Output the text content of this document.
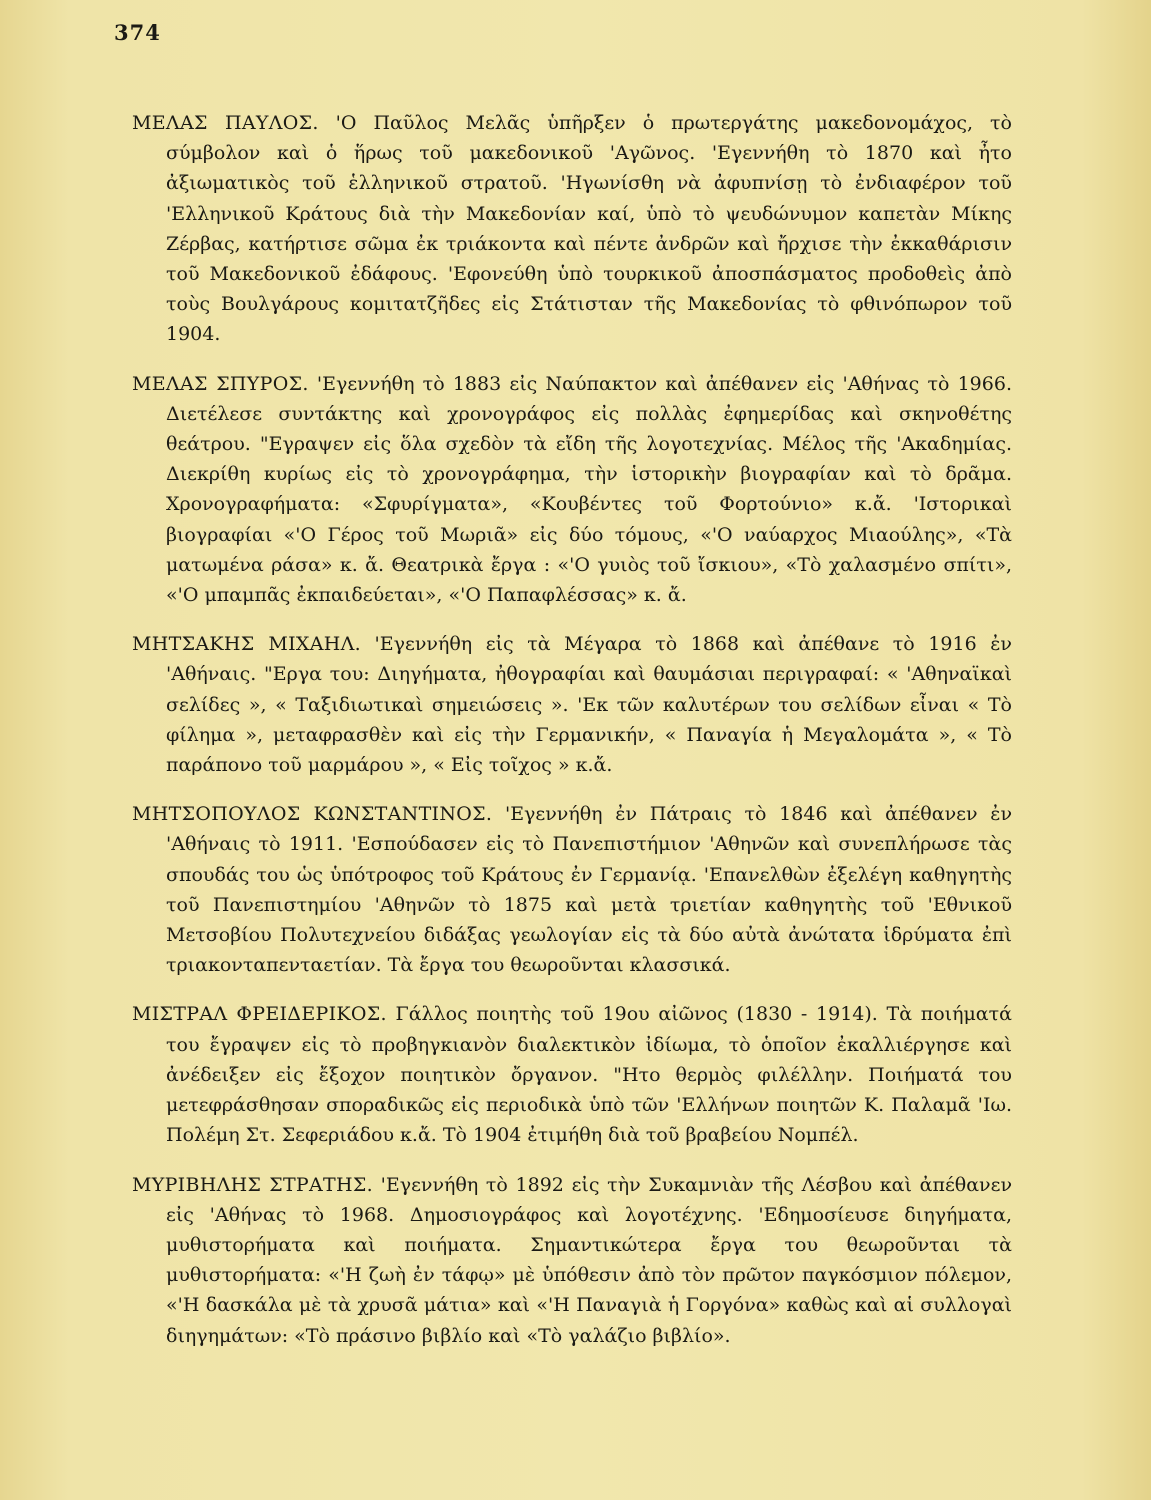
374

ΜΕΛΑΣ ΠΑΥΛΟΣ. 'Ο Παῦλος Μελᾶς ὑπῆρξεν ὁ πρωτεργάτης μακεδονομάχος, τὸ σύμβολον καὶ ὁ ἥρως τοῦ μακεδονικοῦ 'Αγῶνος. 'Εγεννήθη τὸ 1870 καὶ ἦτο ἀξιωματικὸς τοῦ ἑλληνικοῦ στρατοῦ. 'Ηγωνίσθη νὰ ἀφυπνίσῃ τὸ ἐνδιαφέρον τοῦ 'Ελληνικοῦ Κράτους διὰ τὴν Μακεδονίαν καί, ὑπὸ τὸ ψευδώνυμον καπετὰν Μίκης Ζέρβας, κατήρτισε σῶμα ἐκ τριάκοντα καὶ πέντε ἀνδρῶν καὶ ἤρχισε τὴν ἐκκαθάρισιν τοῦ Μακεδονικοῦ ἐδάφους. 'Εφονεύθη ὑπὸ τουρκικοῦ ἀποσπάσματος προδοθεὶς ἀπὸ τοὺς Βουλγάρους κομιτατζῆδες εἰς Στάτισταν τῆς Μακεδονίας τὸ φθινόπωρον τοῦ 1904.

ΜΕΛΑΣ ΣΠΥΡΟΣ. 'Εγεννήθη τὸ 1883 εἰς Ναύπακτον καὶ ἀπέθανεν εἰς 'Αθήνας τὸ 1966. Διετέλεσε συντάκτης καὶ χρονογράφος εἰς πολλὰς ἐφημερίδας καὶ σκηνοθέτης θεάτρου. "Εγραψεν εἰς ὅλα σχεδὸν τὰ εἴδη τῆς λογοτεχνίας. Μέλος τῆς 'Ακαδημίας. Διεκρίθη κυρίως εἰς τὸ χρονογράφημα, τὴν ἱστορικὴν βιογραφίαν καὶ τὸ δρᾶμα. Χρονογραφήματα: «Σφυρίγματα», «Κουβέντες τοῦ Φορτούνιο» κ.ἄ. 'Ιστορικαὶ βιογραφίαι «'Ο Γέρος τοῦ Μωριᾶ» εἰς δύο τόμους, «'Ο ναύαρχος Μιαούλης», «Τὰ ματωμένα ράσα» κ. ἄ. Θεατρικὰ ἔργα : «'Ο γυιὸς τοῦ ἴσκιου», «Τὸ χαλασμένο σπίτι», «'Ο μπαμπᾶς ἐκπαιδεύεται», «'Ο Παπαφλέσσας» κ. ἄ.

ΜΗΤΣΑΚΗΣ ΜΙΧΑΗΛ. 'Εγεννήθη εἰς τὰ Μέγαρα τὸ 1868 καὶ ἀπέθανε τὸ 1916 ἐν 'Αθήναις. "Εργα του: Διηγήματα, ἠθογραφίαι καὶ θαυμάσιαι περιγραφαί: « 'Αθηναϊκαὶ σελίδες », « Ταξιδιωτικαὶ σημειώσεις ». 'Εκ τῶν καλυτέρων του σελίδων εἶναι « Τὸ φίλημα », μεταφρασθὲν καὶ εἰς τὴν Γερμανικήν, « Παναγία ἡ Μεγαλομάτα », « Τὸ παράπονο τοῦ μαρμάρου », « Εἰς τοῖχος » κ.ἄ.

ΜΗΤΣΟΠΟΥΛΟΣ ΚΩΝΣΤΑΝΤΙΝΟΣ. 'Εγεννήθη ἐν Πάτραις τὸ 1846 καὶ ἀπέθανεν ἐν 'Αθήναις τὸ 1911. 'Εσπούδασεν εἰς τὸ Πανεπιστήμιον 'Αθηνῶν καὶ συνεπλήρωσε τὰς σπουδάς του ὡς ὑπότροφος τοῦ Κράτους ἐν Γερμανίᾳ. 'Επανελθὼν ἐξελέγη καθηγητὴς τοῦ Πανεπιστημίου 'Αθηνῶν τὸ 1875 καὶ μετὰ τριετίαν καθηγητὴς τοῦ 'Εθνικοῦ Μετσοβίου Πολυτεχνείου διδάξας γεωλογίαν εἰς τὰ δύο αὐτὰ ἀνώτατα ἱδρύματα ἐπὶ τριακονταπενταετίαν. Τὰ ἔργα του θεωροῦνται κλασσικά.

ΜΙΣΤΡΑΛ ΦΡΕΙΔΕΡΙΚΟΣ. Γάλλος ποιητὴς τοῦ 19ου αἰῶνος (1830 - 1914). Τὰ ποιήματά του ἔγραψεν εἰς τὸ προβηγκιανὸν διαλεκτικὸν ἰδίωμα, τὸ ὁποῖον ἐκαλλιέργησε καὶ ἀνέδειξεν εἰς ἔξοχον ποιητικὸν ὄργανον. "Ητο θερμὸς φιλέλλην. Ποιήματά του μετεφράσθησαν σποραδικῶς εἰς περιοδικὰ ὑπὸ τῶν 'Ελλήνων ποιητῶν Κ. Παλαμᾶ 'Ιω. Πολέμη Στ. Σεφεριάδου κ.ἄ. Τὸ 1904 ἐτιμήθη διὰ τοῦ βραβείου Νομπέλ.

ΜΥΡΙΒΗΛΗΣ ΣΤΡΑΤΗΣ. 'Εγεννήθη τὸ 1892 εἰς τὴν Συκαμνιὰν τῆς Λέσβου καὶ ἀπέθανεν εἰς 'Αθήνας τὸ 1968. Δημοσιογράφος καὶ λογοτέχνης. 'Εδημοσίευσε διηγήματα, μυθιστορήματα καὶ ποιήματα. Σημαντικώτερα ἔργα του θεωροῦνται τὰ μυθιστορήματα: «'Η ζωὴ ἐν τάφῳ» μὲ ὑπόθεσιν ἀπὸ τὸν πρῶτον παγκόσμιον πόλεμον, «'Η δασκάλα μὲ τὰ χρυσᾶ μάτια» καὶ «'Η Παναγιὰ ἡ Γοργόνα» καθὼς καὶ αἱ συλλογαὶ διηγημάτων: «Τὸ πράσινο βιβλίο καὶ «Τὸ γαλάζιο βιβλίο».
